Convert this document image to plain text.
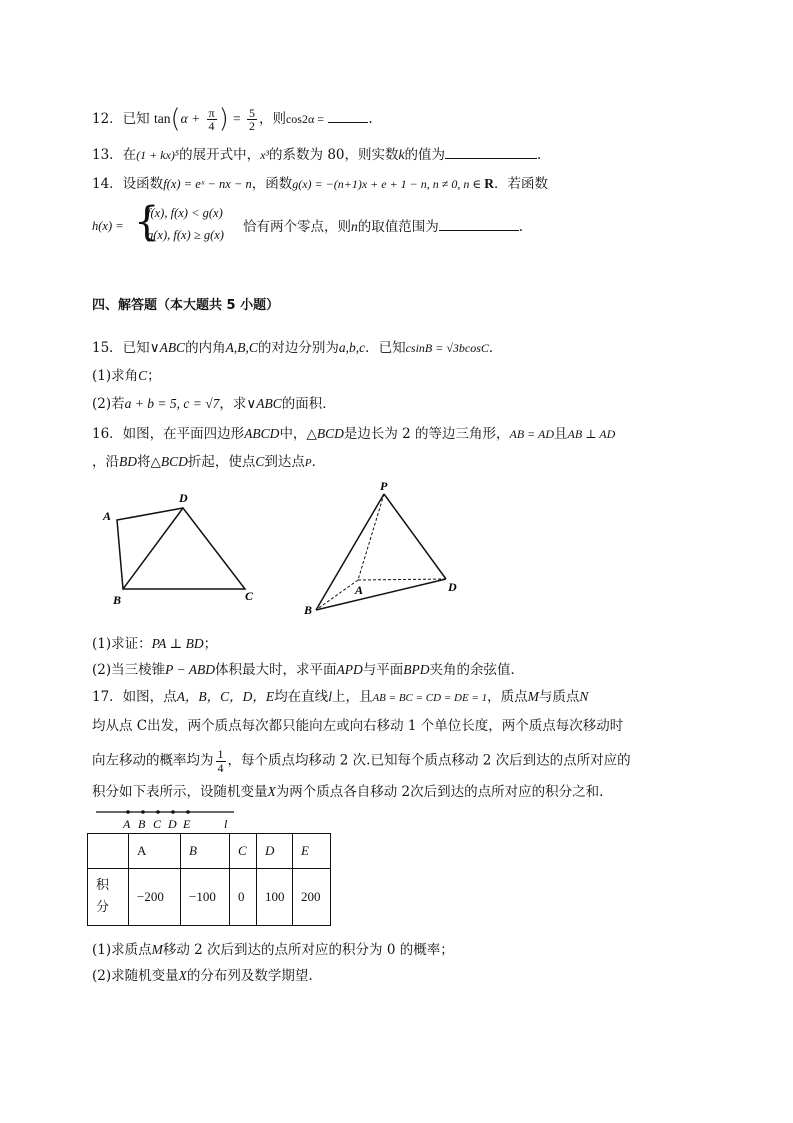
12．已知 $\tan(\alpha + \frac{\pi}{4}$ ) = $\frac{5}{2}$ ，则cos2α =	.
13．在(1 + kx)⁵的展开式中，x³的系数为 80，则实数k的值为	.
14．设函数f(x) = eˣ − nx − n，函数g(x) = −(n+1)x + e + 1 − n, n ≠ 0, n ∈ R．若函数
h(x) = {
f(x), f(x) < g(x)
g(x), f(x) ≥ g(x) 恰有两个零点，则n的取值范围为	.
四、解答题（本大题共 5 小题）
15．已知∨ABC的内角A,B,C的对边分别为a,b,c．已知csinB = √3bcosC．
(1)求角C；
(2)若a + b = 5, c = √7，求∨ABC的面积．
16．如图，在平面四边形ABCD中，△BCD是边长为 2 的等边三角形，AB = AD且AB ⊥ AD
，沿BD将△BCD折起，使点C到达点P．
A
D
B	C
P
A
B
D
(1)求证：PA ⊥ BD；
(2)当三棱锥P − ABD体积最大时，求平面APD与平面BPD夹角的余弦值．
17．如图，点A，B，C，D，E均在直线l上，且AB = BC = CD = DE = 1，质点M与质点N
均从点 C出发，两个质点每次都只能向左或向右移动 1 个单位长度，两个质点每次移动时
向左移动的概率均为 $\frac{1}{4}$ ，每个质点均移动 2 次.已知每个质点移动 2 次后到达的点所对应的
积分如下表所示，设随机变量X为两个质点各自移动 2次后到达的点所对应的积分之和.
A B C D E	l
	A	B	C	D	E
积
分	−200	−100	0	100	200
(1)求质点M移动 2 次后到达的点所对应的积分为 0 的概率；
(2)求随机变量X的分布列及数学期望.
